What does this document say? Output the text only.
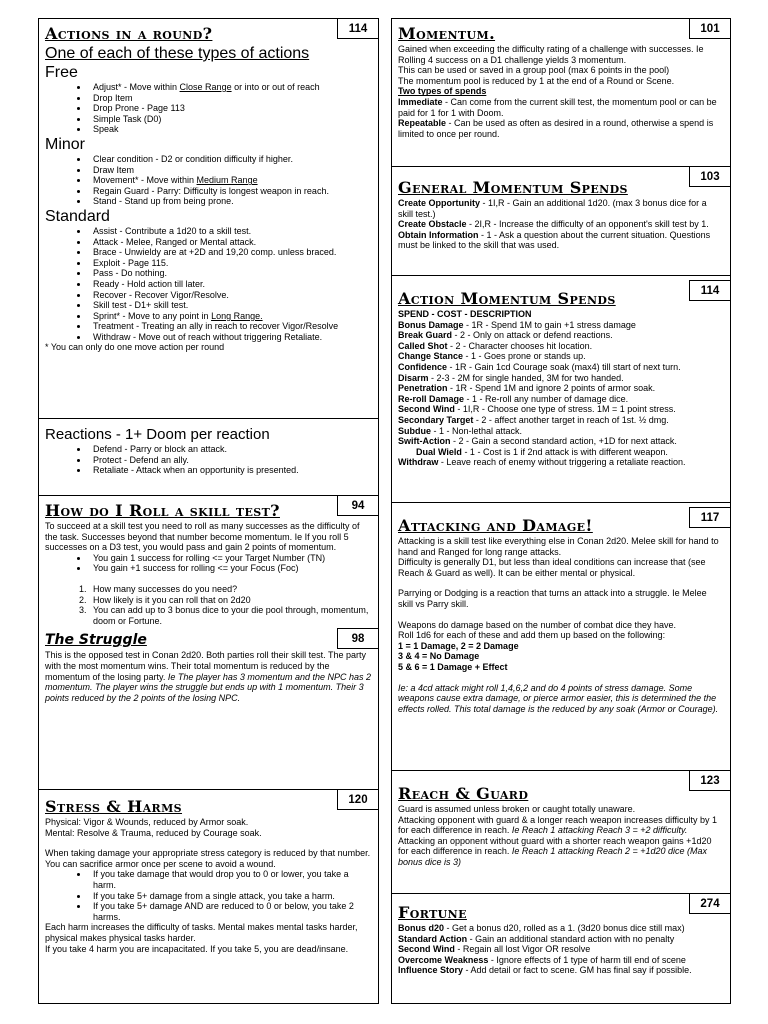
114
Actions in a round?
One of each of these types of actions
Free
• Adjust* - Move within Close Range or into or out of reach
• Drop Item
• Drop Prone - Page 113
• Simple Task (D0)
• Speak
Minor
• Clear condition - D2 or condition difficulty if higher.
• Draw Item
• Movement* - Move within Medium Range
• Regain Guard - Parry: Difficulty is longest weapon in reach.
• Stand - Stand up from being prone.
Standard
• Assist - Contribute a 1d20 to a skill test.
• Attack - Melee, Ranged or Mental attack.
• Brace - Unwieldy are at +2D and 19,20 comp. unless braced.
• Exploit - Page 115.
• Pass - Do nothing.
• Ready - Hold action till later.
• Recover - Recover Vigor/Resolve.
• Skill test - D1+ skill test.
• Sprint* - Move to any point in Long Range.
• Treatment - Treating an ally in reach to recover Vigor/Resolve
• Withdraw - Move out of reach without triggering Retaliate.
* You can only do one move action per round
Reactions - 1+ Doom per reaction
• Defend - Parry or block an attack.
• Protect - Defend an ally.
• Retaliate - Attack when an opportunity is presented.
94
How do I Roll a skill test?

To succeed at a skill test you need to roll as many successes as the difficulty of the task. Successes beyond that number become momentum. Ie If you roll 5 successes on a D3 test, you would pass and gain 2 points of momentum.

• You gain 1 success for rolling <= your Target Number (TN)
• You gain +1 success for rolling <= your Focus (Foc)
1. How many successes do you need?
2. How likely is it you can roll that on 2d20
3. You can add up to 3 bonus dice to your die pool through, momentum, doom or Fortune.
98
The Struggle

This is the opposed test in Conan 2d20. Both parties roll their skill test. The party with the most momentum wins. Their total momentum is reduced by the momentum of the losing party. Ie The player has 3 momentum and the NPC has 2 momentum. The player wins the struggle but ends up with 1 momentum. Their 3 points reduced by the 2 points of the losing NPC.

120
Stress & Harms

Physical: Vigor & Wounds, reduced by Armor soak.

Mental: Resolve & Trauma, reduced by Courage soak.

When taking damage your appropriate stress category is reduced by that number. You can sacrifice armor once per scene to avoid a wound.

• If you take damage that would drop you to 0 or lower, you take a harm.
• If you take 5+ damage from a single attack, you take a harm.
• If you take 5+ damage AND are reduced to 0 or below, you take 2 harms.

Each harm increases the difficulty of tasks. Mental makes mental tasks harder, physical makes physical tasks harder.

If you take 4 harm you are incapacitated. If you take 5, you are dead/insane.

101
Momentum.

Gained when exceeding the difficulty rating of a challenge with successes. Ie Rolling 4 success on a D1 challenge yields 3 momentum.

This can be used or saved in a group pool (max 6 points in the pool)

The momentum pool is reduced by 1 at the end of a Round or Scene.

Two types of spends

Immediate - Can come from the current skill test, the momentum pool or can be paid for 1 for 1 with Doom.

Repeatable - Can be used as often as desired in a round, otherwise a spend is limited to once per round.

103
General Momentum Spends

Create Opportunity - 1I,R - Gain an additional 1d20. (max 3 bonus dice for a skill test.)

Create Obstacle - 2I,R - Increase the difficulty of an opponent's skill test by 1.

Obtain Information - 1 - Ask a question about the current situation. Questions must be linked to the skill that was used.

114
Action Momentum Spends

SPEND - COST - DESCRIPTION

Bonus Damage - 1R - Spend 1M to gain +1 stress damage

Break Guard - 2 - Only on attack or defend reactions.

Called Shot - 2 - Character chooses hit location.

Change Stance - 1 - Goes prone or stands up.

Confidence - 1R - Gain 1cd Courage soak (max4) till start of next turn.

Disarm - 2-3 - 2M for single handed, 3M for two handed.

Penetration - 1R - Spend 1M and ignore 2 points of armor soak.

Re-roll Damage - 1 - Re-roll any number of damage dice.

Second Wind - 1I,R - Choose one type of stress. 1M = 1 point stress.

Secondary Target - 2 - affect another target in reach of 1st. ½ dmg.

Subdue - 1 - Non-lethal attack.

Swift-Action - 2 - Gain a second standard action, +1D for next attack.

Dual Wield - 1 - Cost is 1 if 2nd attack is with different weapon.

Withdraw - Leave reach of enemy without triggering a retaliate reaction.

117
Attacking and Damage!

Attacking is a skill test like everything else in Conan 2d20. Melee skill for hand to hand and Ranged for long range attacks.

Difficulty is generally D1, but less than ideal conditions can increase that (see Reach & Guard as well). It can be either mental or physical.

Parrying or Dodging is a reaction that turns an attack into a struggle. Ie Melee skill vs Parry skill.

Weapons do damage based on the number of combat dice they have.

Roll 1d6 for each of these and add them up based on the following:

1 = 1 Damage, 2 = 2 Damage

3 & 4 = No Damage

5 & 6 = 1 Damage + Effect

Ie: a 4cd attack might roll 1,4,6,2 and do 4 points of stress damage. Some weapons cause extra damage, or pierce armor easier, this is determined the the effects rolled. This total damage is the reduced by any soak (Armor or Courage).

123
Reach & Guard

Guard is assumed unless broken or caught totally unaware.

Attacking opponent with guard & a longer reach weapon increases difficulty by 1 for each difference in reach. Ie Reach 1 attacking Reach 3 = +2 difficulty.

Attacking an opponent without guard with a shorter reach weapon gains +1d20 for each difference in reach. Ie Reach 1 attacking Reach 2 = +1d20 dice (Max bonus dice is 3)

274
Fortune

Bonus d20 - Get a bonus d20, rolled as a 1. (3d20 bonus dice still max)

Standard Action - Gain an additional standard action with no penalty

Second Wind - Regain all lost Vigor OR resolve

Overcome Weakness - Ignore effects of 1 type of harm till end of scene

Influence Story - Add detail or fact to scene. GM has final say if possible.
